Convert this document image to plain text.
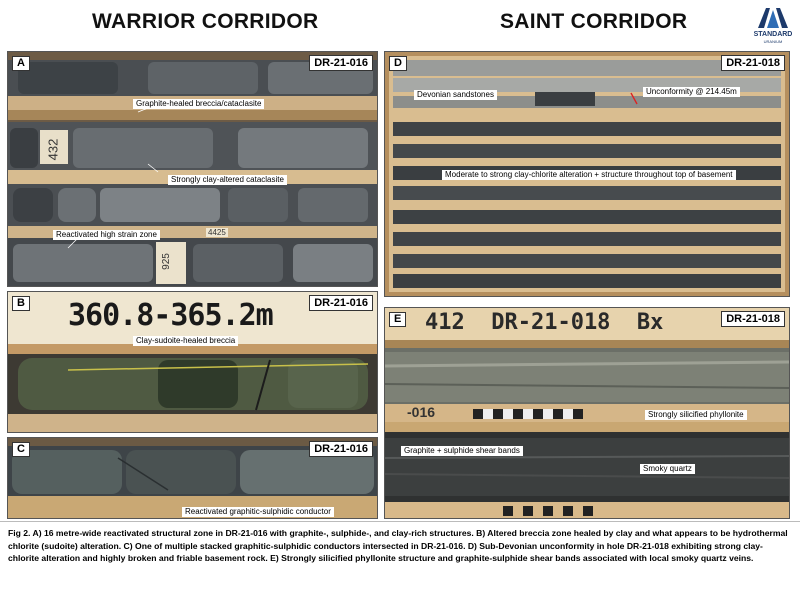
WARRIOR CORRIDOR	SAINT CORRIDOR
STANDARD
URANIUM
A	DR-21-016
432
925
4425
Graphite-healed breccia/cataclasite
Strongly clay-altered cataclasite
Reactivated high strain zone
B	DR-21-016
360.8-365.2m
Clay-sudoite-healed breccia
C	DR-21-016
Reactivated graphitic-sulphidic conductor
D	DR-21-018
Devonian sandstones	Unconformity @ 214.45m
Moderate to strong clay-chlorite alteration + structure throughout top of basement
E	DR-21-018
412  DR-21-018  Bx
-016	Strongly silicified phyllonite
Graphite + sulphide shear bands
Smoky quartz
Fig 2. A) 16 metre-wide reactivated structural zone in DR-21-016 with graphite-, sulphide-, and clay-rich structures. B) Altered breccia zone healed by clay and what appears to be hydrothermal chlorite (sudoite) alteration. C) One of multiple stacked graphitic-sulphidic conductors intersected in DR-21-016. D) Sub-Devonian unconformity in hole DR-21-018 exhibiting strong clay-chlorite alteration and highly broken and friable basement rock. E) Strongly silicified phyllonite structure and graphite-sulphide shear bands associated with local smoky quartz veins.
